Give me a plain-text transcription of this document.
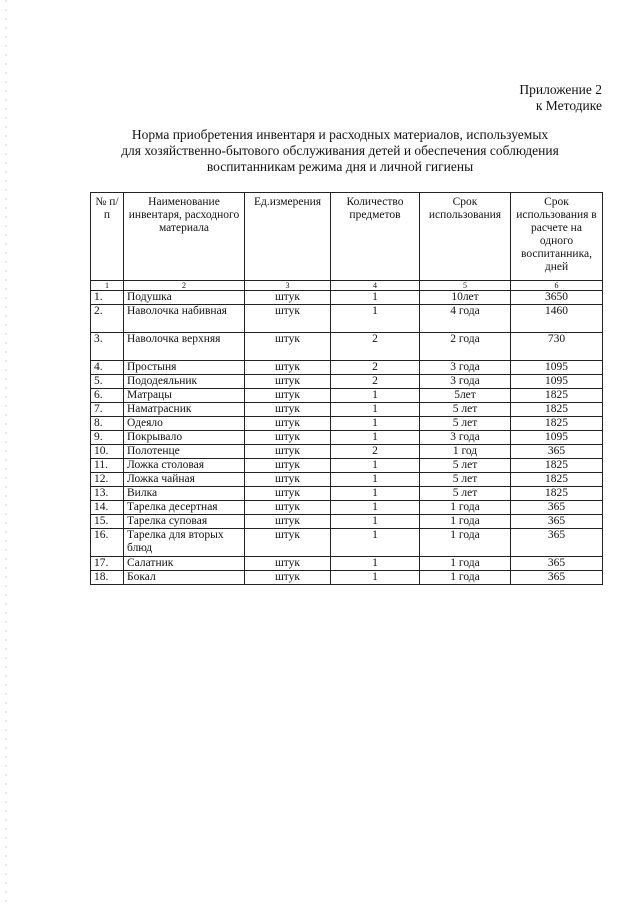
Приложение 2
к Методике
Норма приобретения инвентаря и расходных материалов, используемых
для хозяйственно-бытового обслуживания детей и обеспечения соблюдения
воспитанникам режима дня и личной гигиены
№ п/п	Наименование инвентаря, расходного материала	Ед.измерения	Количество предметов	Срок использования	Срок использования в расчете на одного воспитанника, дней
1	2	3	4	5	6
1.	Подушка	штук	1	10лет	3650
2.	Наволочка набивная	штук	1	4 года	1460
3.	Наволочка верхняя	штук	2	2 года	730
4.	Простыня	штук	2	3 года	1095
5.	Пододеяльник	штук	2	3 года	1095
6.	Матрацы	штук	1	5лет	1825
7.	Наматрасник	штук	1	5 лет	1825
8.	Одеяло	штук	1	5 лет	1825
9.	Покрывало	штук	1	3 года	1095
10.	Полотенце	штук	2	1 год	365
11.	Ложка столовая	штук	1	5 лет	1825
12.	Ложка чайная	штук	1	5 лет	1825
13.	Вилка	штук	1	5 лет	1825
14.	Тарелка десертная	штук	1	1 года	365
15.	Тарелка суповая	штук	1	1 года	365
16.	Тарелка для вторых блюд	штук	1	1 года	365
17.	Салатник	штук	1	1 года	365
18.	Бокал	штук	1	1 года	365
